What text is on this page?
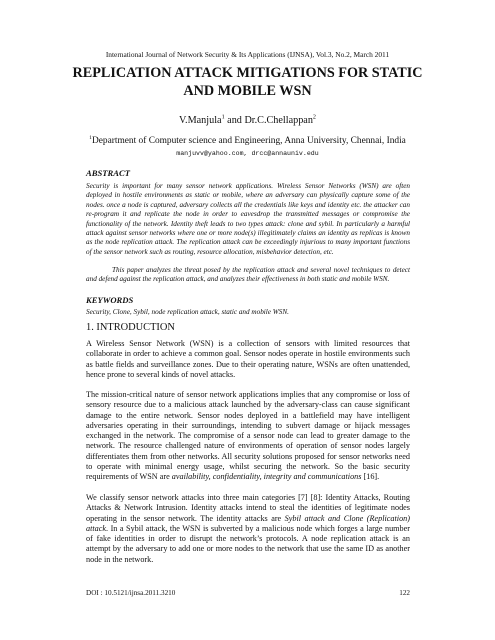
International Journal of Network Security & Its Applications (IJNSA), Vol.3, No.2, March 2011
REPLICATION ATTACK MITIGATIONS FOR STATIC
AND MOBILE WSN
V.Manjula$^1$ and Dr.C.Chellappan$^2$
$^1$Department of Computer science and Engineering, Anna University, Chennai, India
manjuvv@yahoo.com, drcc@annauniv.edu
ABSTRACT

Security is important for many sensor network applications. Wireless Sensor Networks (WSN) are often deployed in hostile environments as static or mobile, where an adversary can physically capture some of the nodes. once a node is captured, adversary collects all the credentials like keys and identity etc. the attacker can re-program it and replicate the node in order to eavesdrop the transmitted messages or compromise the functionality of the network. Identity theft leads to two types attack: clone and sybil. In particularly a harmful attack against sensor networks where one or more node(s) illegitimately claims an identity as replicas is known as the node replication attack. The replication attack can be exceedingly injurious to many important functions of the sensor network such as routing, resource allocation, misbehavior detection, etc.

This paper analyzes the threat posed by the replication attack and several novel techniques to detect and defend against the replication attack, and analyzes their effectiveness in both static and mobile WSN.

KEYWORDS

Security, Clone, Sybil, node replication attack, static and mobile WSN.

1. INTRODUCTION

A Wireless Sensor Network (WSN) is a collection of sensors with limited resources that collaborate in order to achieve a common goal. Sensor nodes operate in hostile environments such as battle fields and surveillance zones. Due to their operating nature, WSNs are often unattended, hence prone to several kinds of novel attacks.

The mission-critical nature of sensor network applications implies that any compromise or loss of sensory resource due to a malicious attack launched by the adversary-class can cause significant damage to the entire network. Sensor nodes deployed in a battlefield may have intelligent adversaries operating in their surroundings, intending to subvert damage or hijack messages exchanged in the network. The compromise of a sensor node can lead to greater damage to the network. The resource challenged nature of environments of operation of sensor nodes largely differentiates them from other networks. All security solutions proposed for sensor networks need to operate with minimal energy usage, whilst securing the network. So the basic security requirements of WSN are availability, confidentiality, integrity and communications [16].

We classify sensor network attacks into three main categories [7] [8]: Identity Attacks, Routing Attacks & Network Intrusion. Identity attacks intend to steal the identities of legitimate nodes operating in the sensor network. The identity attacks are Sybil attack and Clone (Replication) attack. In a Sybil attack, the WSN is subverted by a malicious node which forges a large number of fake identities in order to disrupt the network’s protocols. A node replication attack is an attempt by the adversary to add one or more nodes to the network that use the same ID as another node in the network.

DOI : 10.5121/ijnsa.2011.3210	122
